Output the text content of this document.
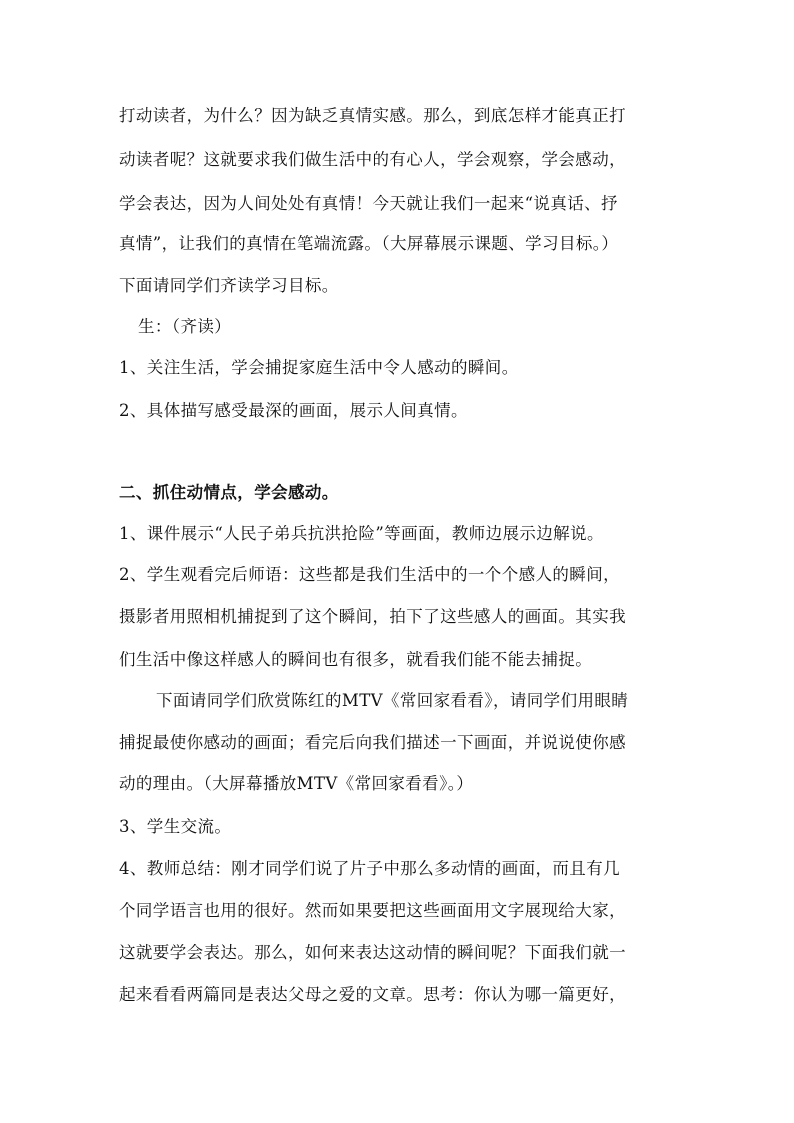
打动读者，为什么？因为缺乏真情实感。那么，到底怎样才能真正打
动读者呢？这就要求我们做生活中的有心人，学会观察，学会感动，
学会表达，因为人间处处有真情！今天就让我们一起来“说真话、抒
真情”，让我们的真情在笔端流露。（大屏幕展示课题、学习目标。）
下面请同学们齐读学习目标。
生：（齐读）
1、关注生活，学会捕捉家庭生活中令人感动的瞬间。
2、具体描写感受最深的画面，展示人间真情。
二、抓住动情点，学会感动。
1、课件展示“人民子弟兵抗洪抢险”等画面，教师边展示边解说。
2、学生观看完后师语：这些都是我们生活中的一个个感人的瞬间，
摄影者用照相机捕捉到了这个瞬间，拍下了这些感人的画面。其实我
们生活中像这样感人的瞬间也有很多，就看我们能不能去捕捉。
下面请同学们欣赏陈红的MTV《常回家看看》，请同学们用眼睛
捕捉最使你感动的画面；看完后向我们描述一下画面，并说说使你感
动的理由。（大屏幕播放MTV《常回家看看》。）
3、学生交流。
4、教师总结：刚才同学们说了片子中那么多动情的画面，而且有几
个同学语言也用的很好。然而如果要把这些画面用文字展现给大家，
这就要学会表达。那么，如何来表达这动情的瞬间呢？下面我们就一
起来看看两篇同是表达父母之爱的文章。思考：你认为哪一篇更好，
